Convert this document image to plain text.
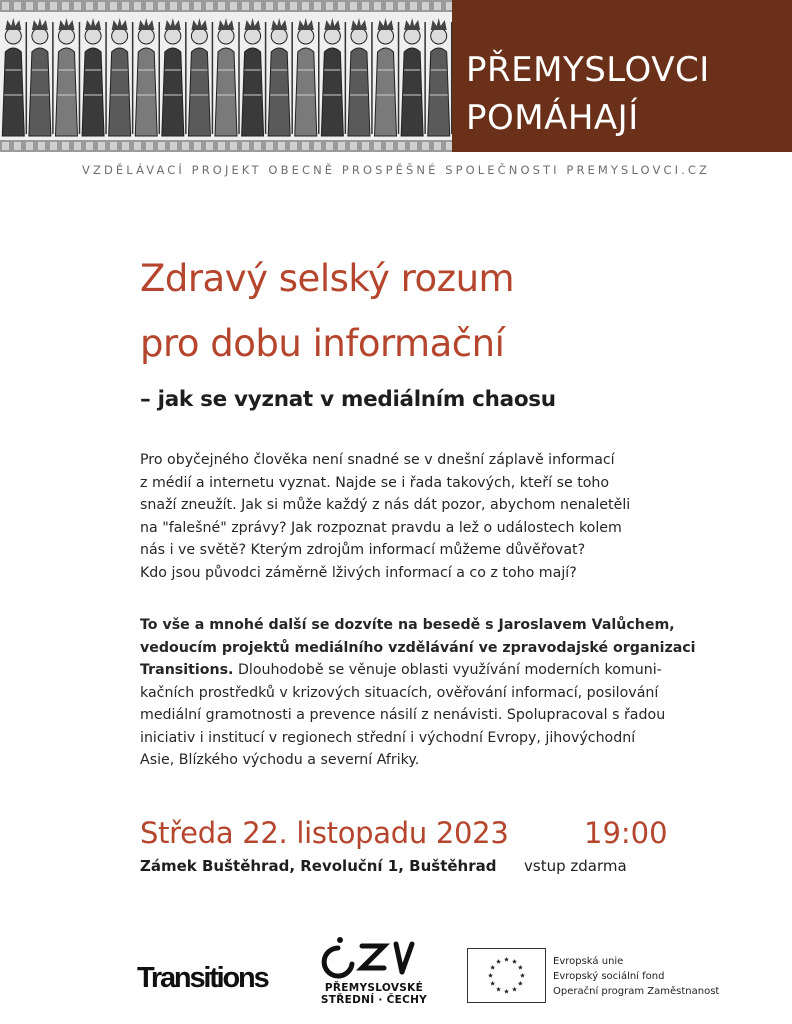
PŘEMYSLOVCI
POMÁHAJÍ
VZDĚLÁVACÍ PROJEKT OBECNĚ PROSPĚŠNÉ SPOLEČNOSTI PREMYSLOVCI.CZ
Zdravý selský rozum
pro dobu informační
– jak se vyznat v mediálním chaosu
Pro obyčejného člověka není snadné se v dnešní záplavě informací
z médií a internetu vyznat. Najde se i řada takových, kteří se toho
snaží zneužít. Jak si může každý z nás dát pozor, abychom nenaletěli
na "falešné" zprávy? Jak rozpoznat pravdu a lež o událostech kolem
nás i ve světě? Kterým zdrojům informací můžeme důvěřovat?
Kdo jsou původci záměrně lživých informací a co z toho mají?
To vše a mnohé další se dozvíte na besedě s Jaroslavem Valůchem,
vedoucím projektů mediálního vzdělávání ve zpravodajské organizaci
Transitions. Dlouhodobě se věnuje oblasti využívání moderních komuni-
kačních prostředků v krizových situacích, ověřování informací, posilování
mediální gramotnosti a prevence násilí z nenávisti. Spolupracoval s řadou
iniciativ i institucí v regionech střední i východní Evropy, jihovýchodní
Asie, Blízkého východu a severní Afriky.
Středa 22. listopadu 2023	19:00
Zámek Buštěhrad, Revoluční 1, Buštěhrad vstup zdarma
Transitions	PŘEMYSLOVSKÉ
STŘEDNÍ · ČECHY
Evropská unie
Evropský sociální fond
Operační program Zaměstnanost
